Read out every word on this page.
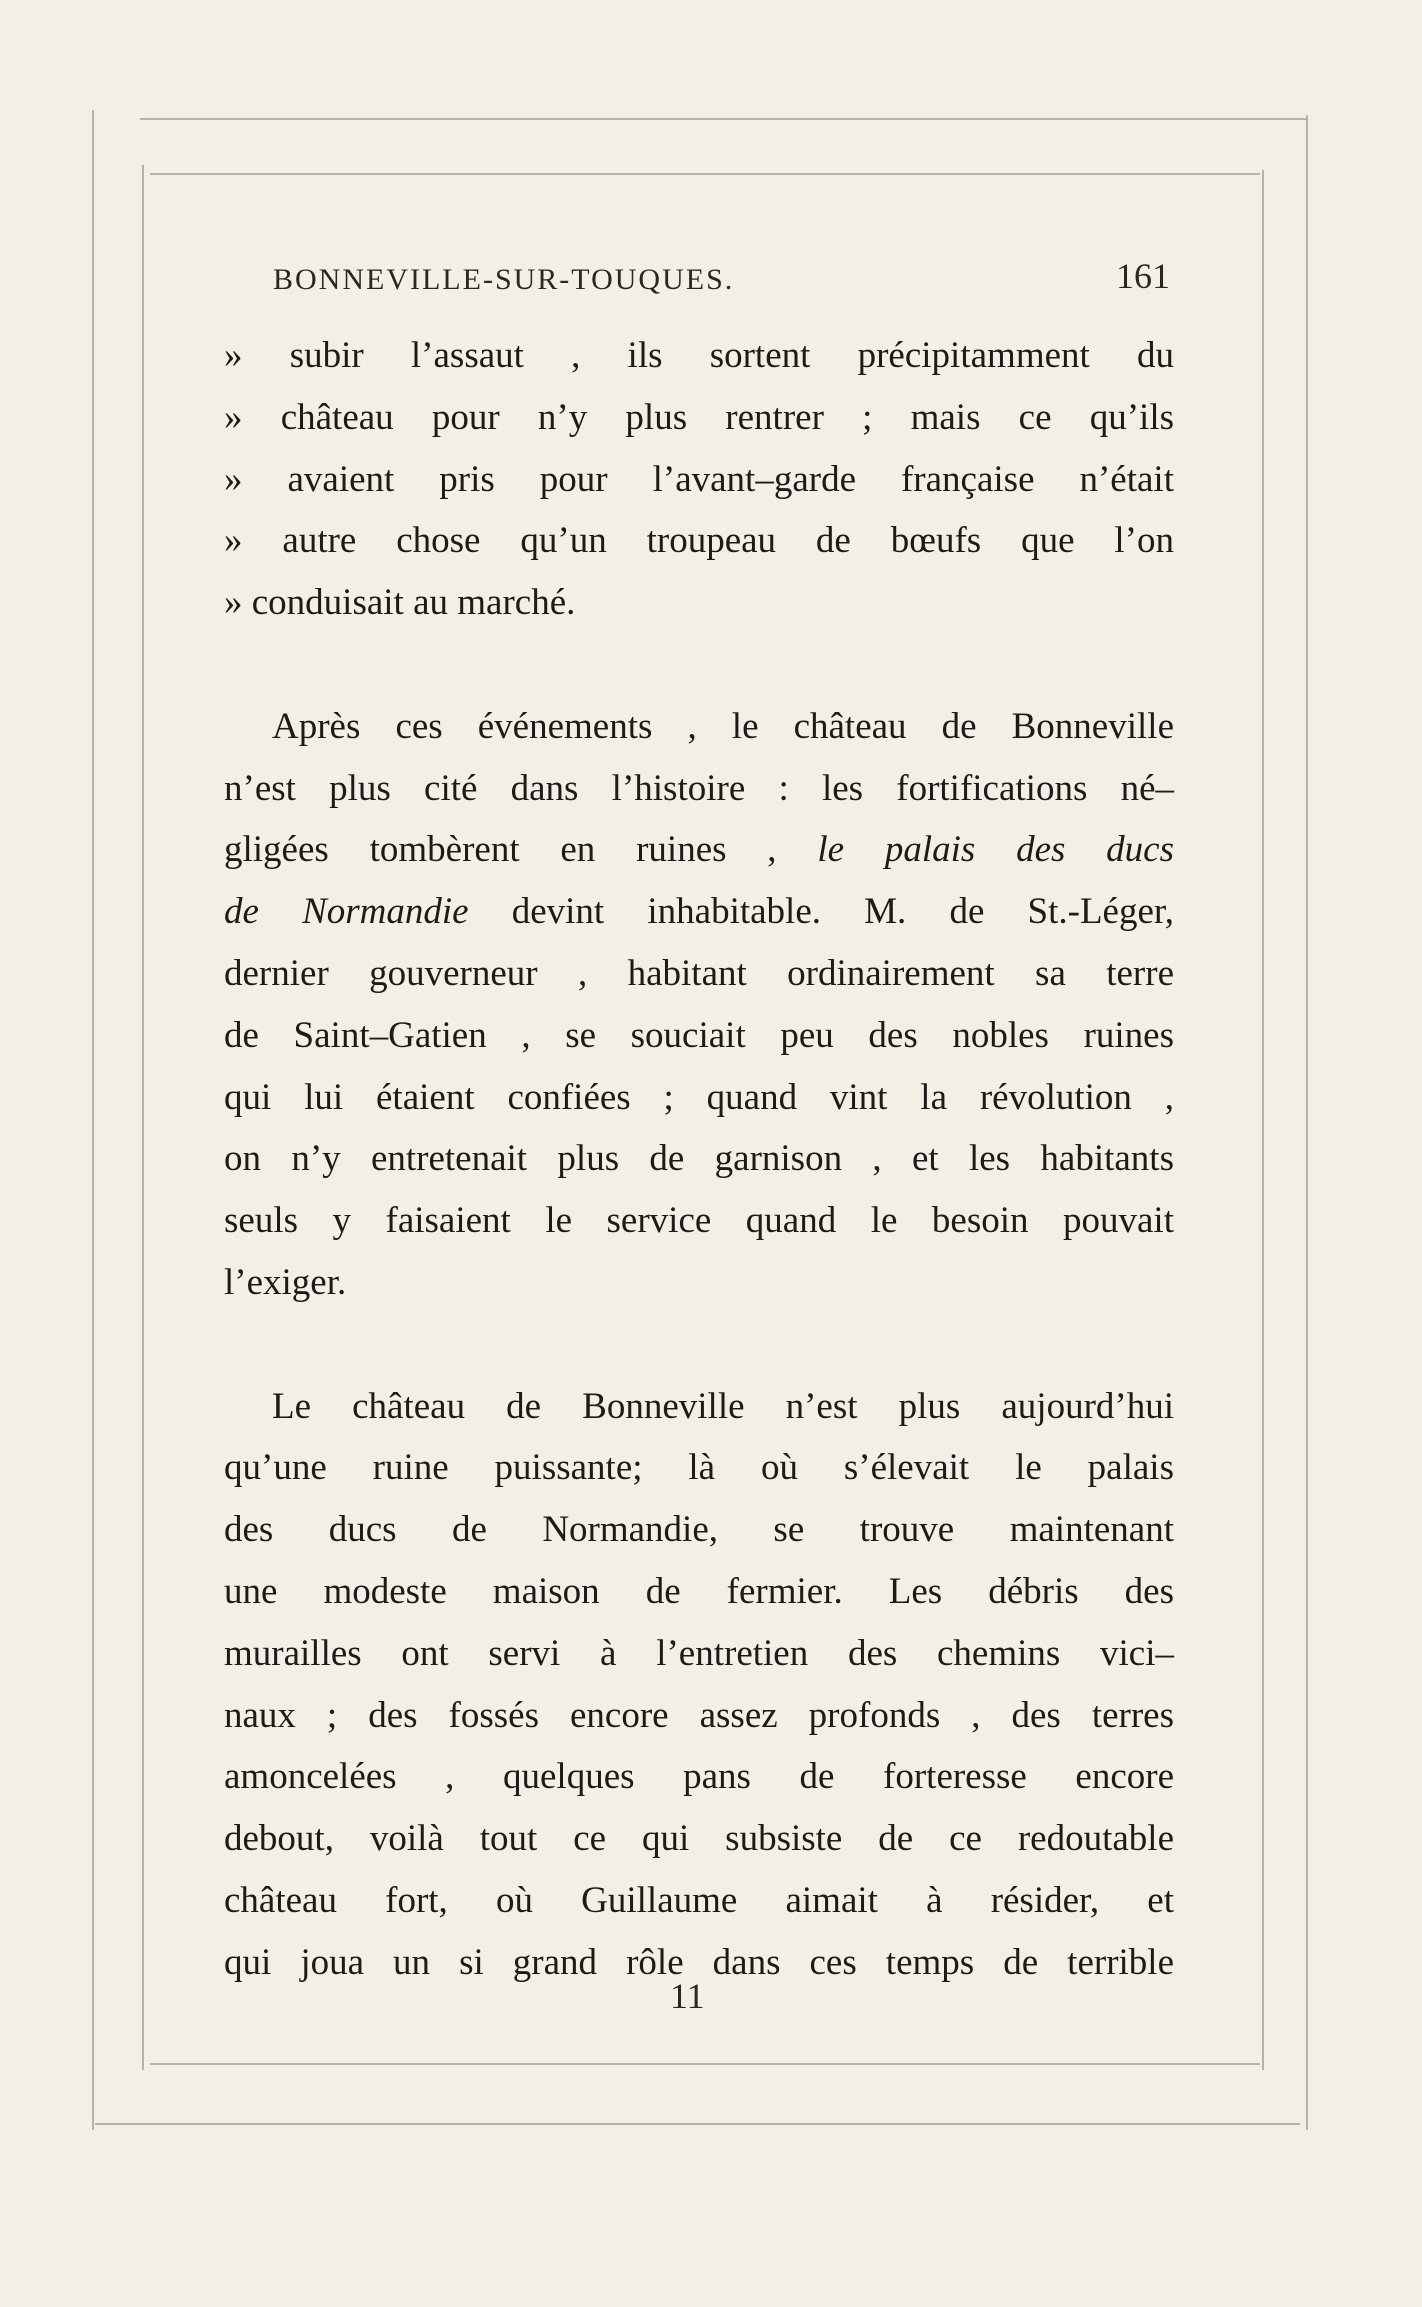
BONNEVILLE-SUR-TOUQUES.	161
» subir l’assaut , ils sortent précipitamment du
» château pour n’y plus rentrer ; mais ce qu’ils
» avaient pris pour l’avant–garde française n’était
» autre chose qu’un troupeau de bœufs que l’on
» conduisait au marché.
Après ces événements , le château de Bonneville
n’est plus cité dans l’histoire : les fortifications né–
gligées tombèrent en ruines , le palais des ducs
de Normandie devint inhabitable. M. de St.-Léger,
dernier gouverneur , habitant ordinairement sa terre
de Saint–Gatien , se souciait peu des nobles ruines
qui lui étaient confiées ; quand vint la révolution ,
on n’y entretenait plus de garnison , et les habitants
seuls y faisaient le service quand le besoin pouvait
l’exiger.
Le château de Bonneville n’est plus aujourd’hui
qu’une ruine puissante; là où s’élevait le palais
des ducs de Normandie, se trouve maintenant
une modeste maison de fermier. Les débris des
murailles ont servi à l’entretien des chemins vici–
naux ; des fossés encore assez profonds , des terres
amoncelées , quelques pans de forteresse encore
debout, voilà tout ce qui subsiste de ce redoutable
château fort, où Guillaume aimait à résider, et
qui joua un si grand rôle dans ces temps de terrible
11
